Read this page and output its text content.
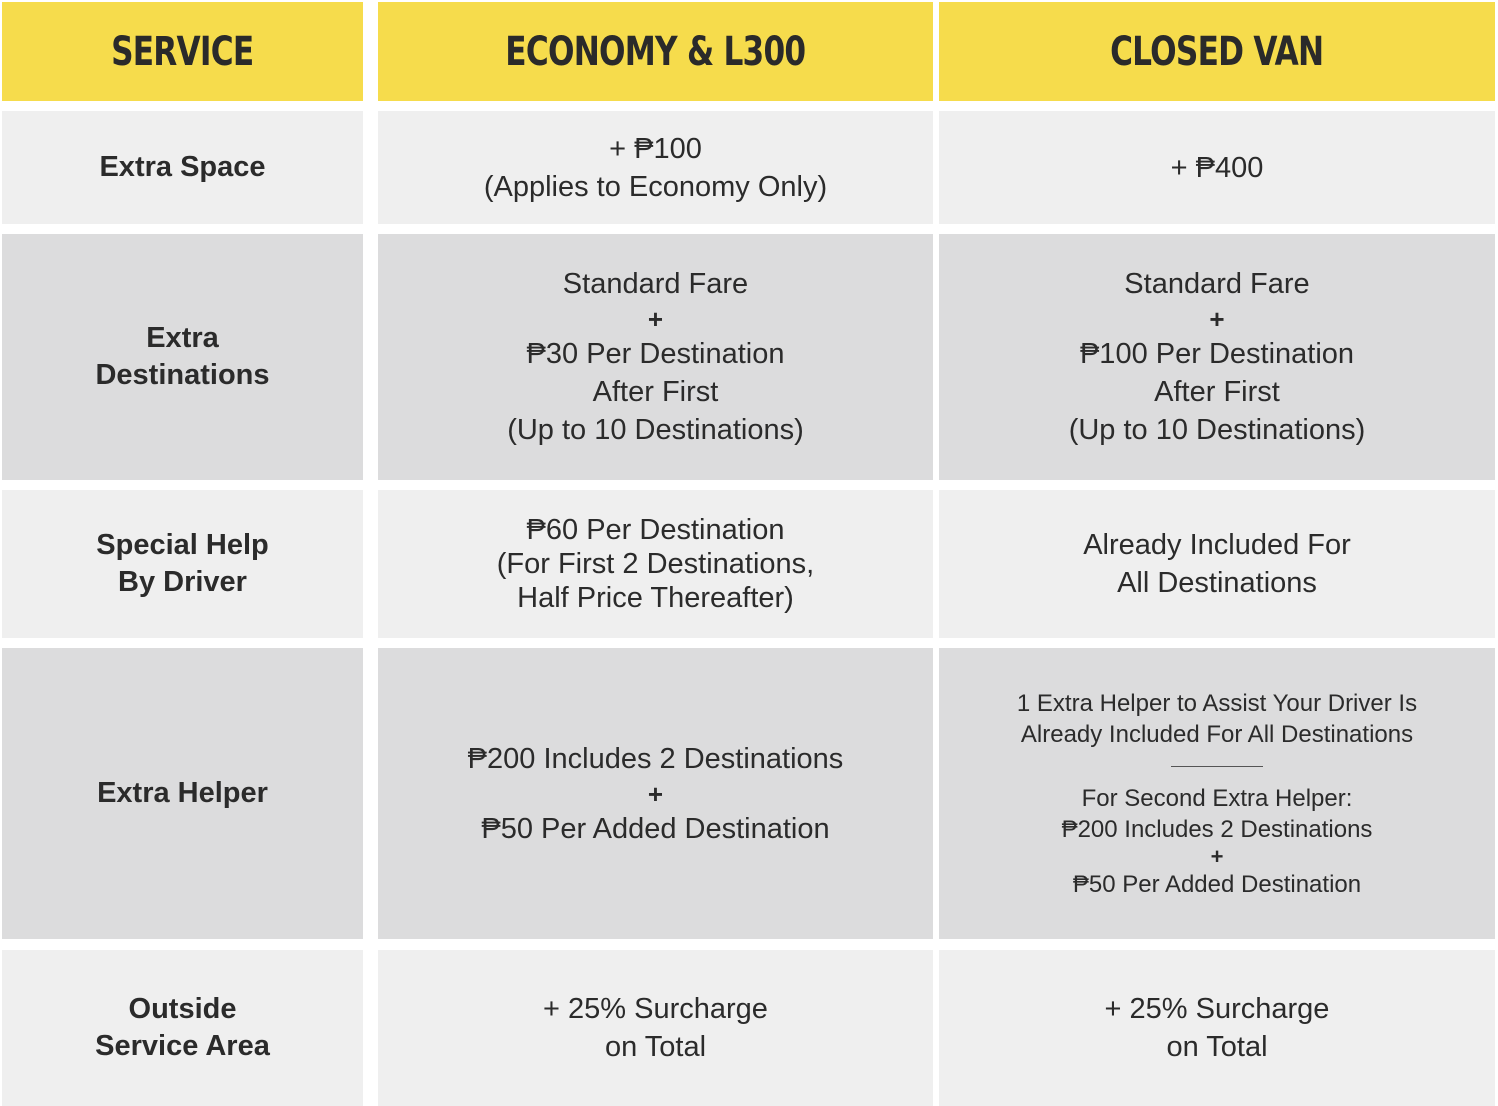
SERVICE	ECONOMY & L300	CLOSED VAN
Extra Space
+ ₱100
(Applies to Economy Only)
+ ₱400
Extra
Destinations
Standard Fare
+
₱30 Per Destination
After First
(Up to 10 Destinations)
Standard Fare
+
₱100 Per Destination
After First
(Up to 10 Destinations)
Special Help
By Driver
₱60 Per Destination
(For First 2 Destinations,
Half Price Thereafter)
Already Included For
All Destinations
Extra Helper
₱200 Includes 2 Destinations
+
₱50 Per Added Destination
1 Extra Helper to Assist Your Driver Is
Already Included For All Destinations
For Second Extra Helper:
₱200 Includes 2 Destinations
+
₱50 Per Added Destination
Outside
Service Area
+ 25% Surcharge
on Total
+ 25% Surcharge
on Total
